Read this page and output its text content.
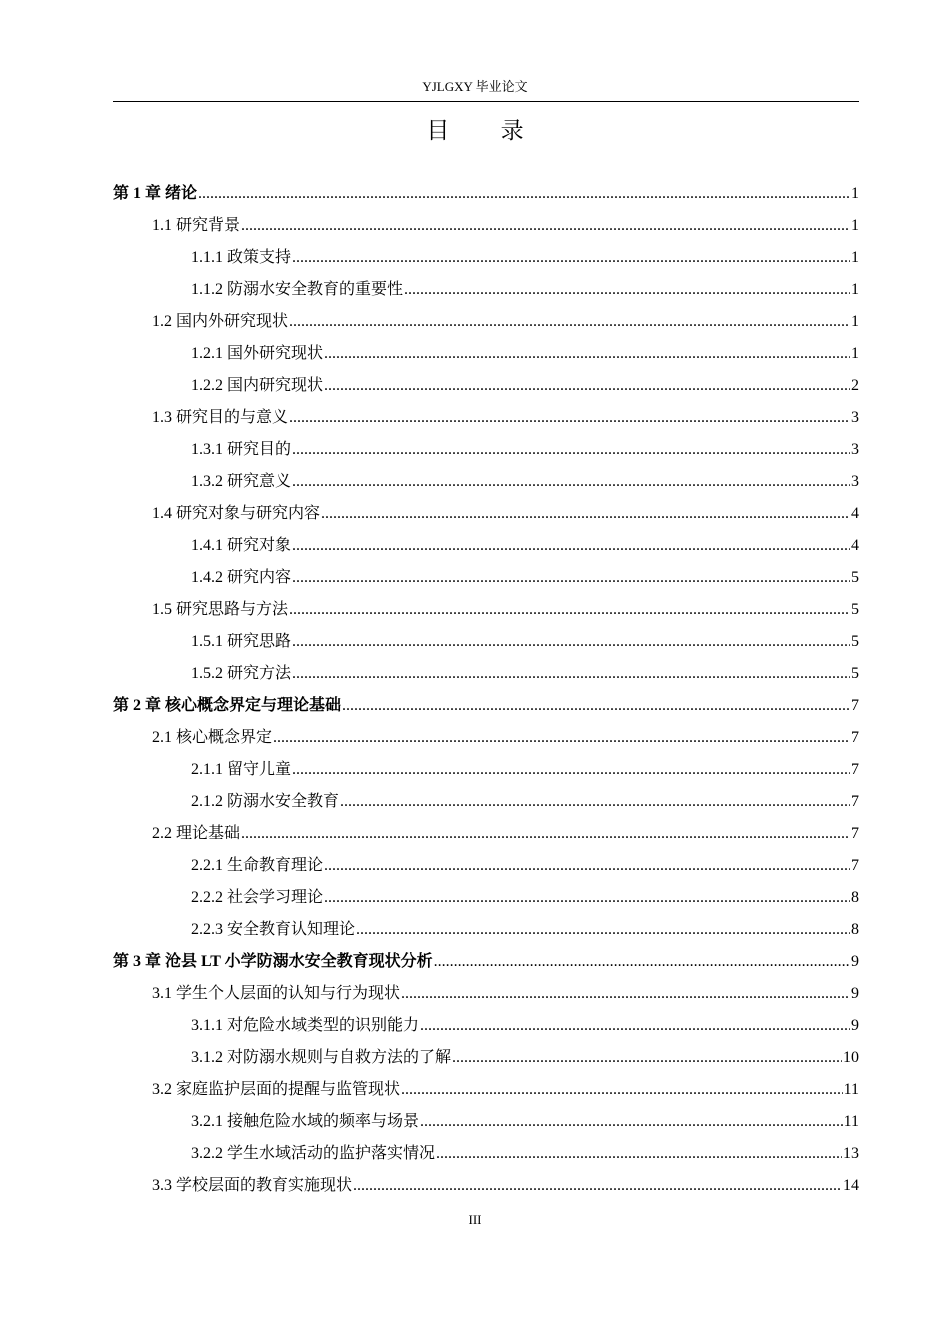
YJLGXY 毕业论文
目 录
第 1 章 绪论 .....	1
1.1 研究背景 .....	1
1.1.1 政策支持 .....	1
1.1.2 防溺水安全教育的重要性 .....	1
1.2 国内外研究现状 .....	1
1.2.1 国外研究现状 .....	1
1.2.2 国内研究现状 .....	2
1.3 研究目的与意义 .....	3
1.3.1 研究目的 .....	3
1.3.2 研究意义 .....	3
1.4 研究对象与研究内容 .....	4
1.4.1 研究对象 .....	4
1.4.2 研究内容 .....	5
1.5 研究思路与方法 .....	5
1.5.1 研究思路 .....	5
1.5.2 研究方法 .....	5
第 2 章 核心概念界定与理论基础 .....	7
2.1 核心概念界定 .....	7
2.1.1 留守儿童 .....	7
2.1.2 防溺水安全教育 .....	7
2.2 理论基础 .....	7
2.2.1 生命教育理论 .....	7
2.2.2 社会学习理论 .....	8
2.2.3 安全教育认知理论 .....	8
第 3 章 沧县 LT 小学防溺水安全教育现状分析 .....	9
3.1 学生个人层面的认知与行为现状 .....	9
3.1.1 对危险水域类型的识别能力 .....	9
3.1.2 对防溺水规则与自救方法的了解 .....	10
3.2 家庭监护层面的提醒与监管现状 .....	11
3.2.1 接触危险水域的频率与场景 .....	11
3.2.2 学生水域活动的监护落实情况 .....	13
3.3 学校层面的教育实施现状 .....	14
III
